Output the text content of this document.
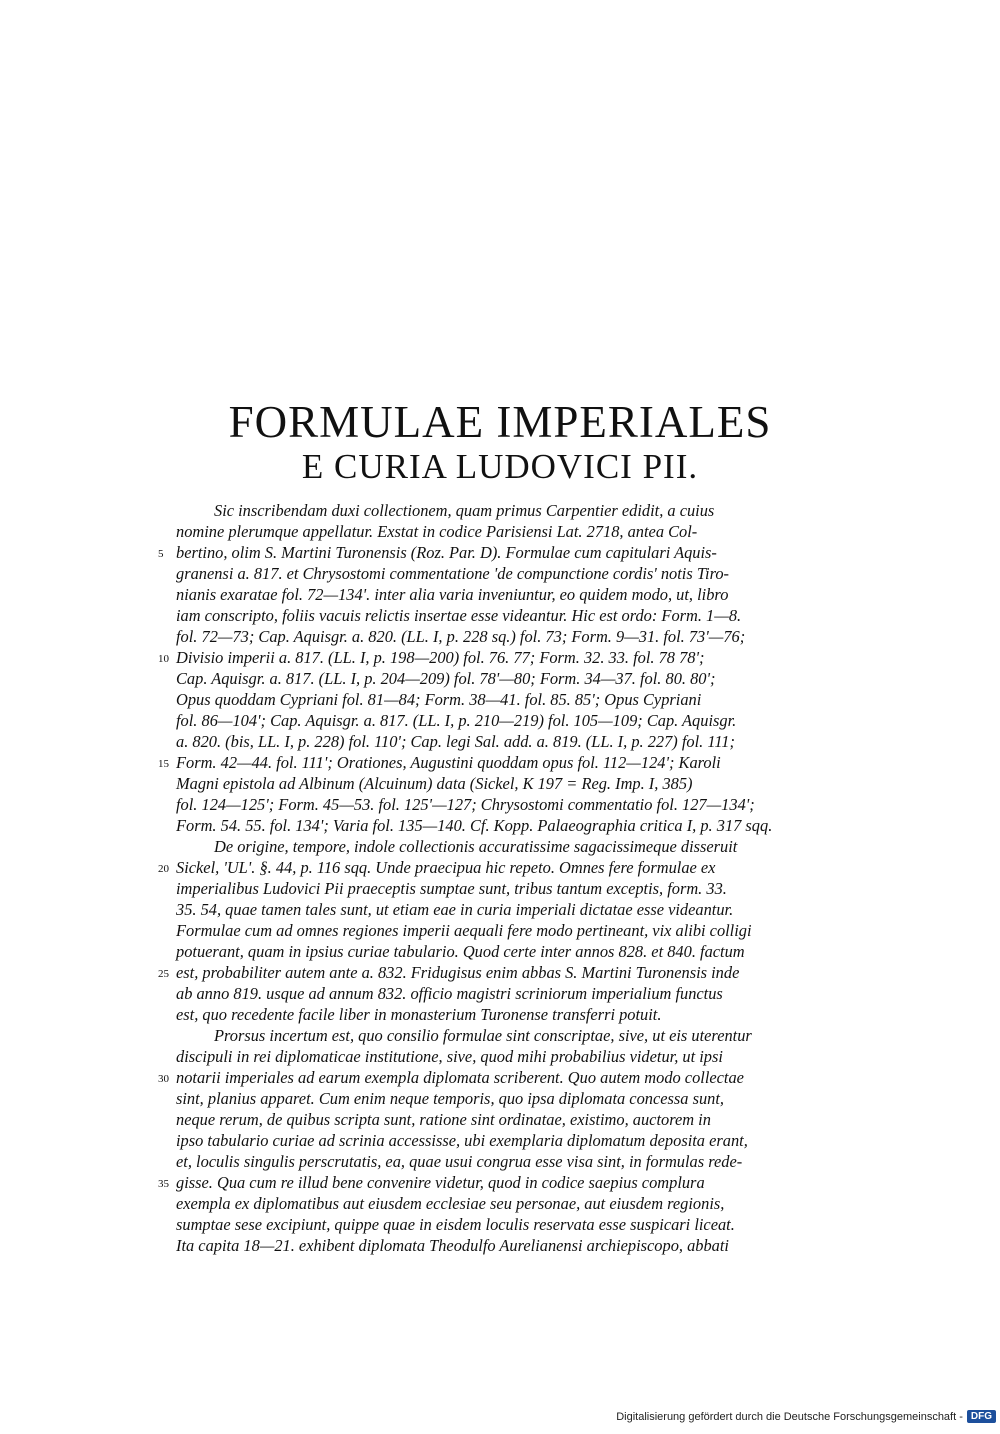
FORMULAE IMPERIALES
E CURIA LUDOVICI PII.
Sic inscribendam duxi collectionem, quam primus Carpentier edidit, a cuius
nomine plerumque appellatur. Exstat in codice Parisiensi Lat. 2718, antea Col-
bertino, olim S. Martini Turonensis (Roz. Par. D). Formulae cum capitulari Aquis-
granensi a. 817. et Chrysostomi commentatione 'de compunctione cordis' notis Tiro-
nianis exaratae fol. 72—134'. inter alia varia inveniuntur, eo quidem modo, ut, libro
iam conscripto, foliis vacuis relictis insertae esse videantur. Hic est ordo: Form. 1—8.
fol. 72—73; Cap. Aquisgr. a. 820. (LL. I, p. 228 sq.) fol. 73; Form. 9—31. fol. 73'—76;
Divisio imperii a. 817. (LL. I, p. 198—200) fol. 76. 77; Form. 32. 33. fol. 78 78';
Cap. Aquisgr. a. 817. (LL. I, p. 204—209) fol. 78'—80; Form. 34—37. fol. 80. 80';
Opus quoddam Cypriani fol. 81—84; Form. 38—41. fol. 85. 85'; Opus Cypriani
fol. 86—104'; Cap. Aquisgr. a. 817. (LL. I, p. 210—219) fol. 105—109; Cap. Aquisgr.
a. 820. (bis, LL. I, p. 228) fol. 110'; Cap. legi Sal. add. a. 819. (LL. I, p. 227) fol. 111;
Form. 42—44. fol. 111'; Orationes, Augustini quoddam opus fol. 112—124'; Karoli
Magni epistola ad Albinum (Alcuinum) data (Sickel, K 197 = Reg. Imp. I, 385)
fol. 124—125'; Form. 45—53. fol. 125'—127; Chrysostomi commentatio fol. 127—134';
Form. 54. 55. fol. 134'; Varia fol. 135—140. Cf. Kopp. Palaeographia critica I, p. 317 sqq.
De origine, tempore, indole collectionis accuratissime sagacissimeque disseruit
Sickel, 'UL'. §. 44, p. 116 sqq. Unde praecipua hic repeto. Omnes fere formulae ex
imperialibus Ludovici Pii praeceptis sumptae sunt, tribus tantum exceptis, form. 33.
35. 54, quae tamen tales sunt, ut etiam eae in curia imperiali dictatae esse videantur.
Formulae cum ad omnes regiones imperii aequali fere modo pertineant, vix alibi colligi
potuerant, quam in ipsius curiae tabulario. Quod certe inter annos 828. et 840. factum
est, probabiliter autem ante a. 832. Fridugisus enim abbas S. Martini Turonensis inde
ab anno 819. usque ad annum 832. officio magistri scriniorum imperialium functus
est, quo recedente facile liber in monasterium Turonense transferri potuit.
Prorsus incertum est, quo consilio formulae sint conscriptae, sive, ut eis uterentur
discipuli in rei diplomaticae institutione, sive, quod mihi probabilius videtur, ut ipsi
notarii imperiales ad earum exempla diplomata scriberent. Quo autem modo collectae
sint, planius apparet. Cum enim neque temporis, quo ipsa diplomata concessa sunt,
neque rerum, de quibus scripta sunt, ratione sint ordinatae, existimo, auctorem in
ipso tabulario curiae ad scrinia accessisse, ubi exemplaria diplomatum deposita erant,
et, loculis singulis perscrutatis, ea, quae usui congrua esse visa sint, in formulas rede-
gisse. Qua cum re illud bene convenire videtur, quod in codice saepius complura
exempla ex diplomatibus aut eiusdem ecclesiae seu personae, aut eiusdem regionis,
sumptae sese excipiunt, quippe quae in eisdem loculis reservata esse suspicari liceat.
Ita capita 18—21. exhibent diplomata Theodulfo Aurelianensi archiepiscopo, abbati
5
10
15
20
25
30
35
Digitalisierung gefördert durch die Deutsche Forschungsgemeinschaft - DFG
